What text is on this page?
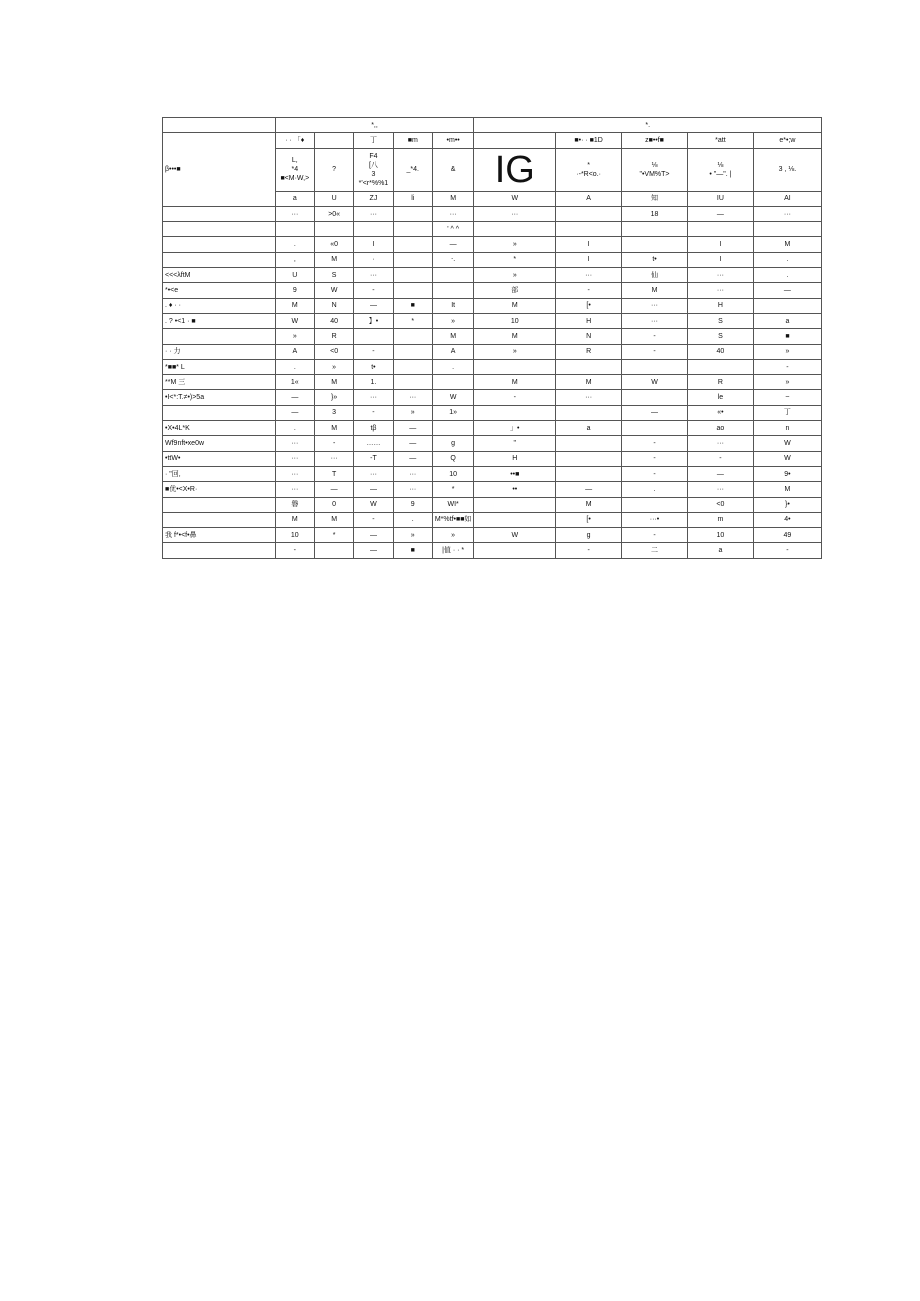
	*,,					*.				
β•••■	· · 「♦		丁	■m	•m••		■•· · ■1D	z■••f■	*att	e*•;w
	L,
*4
■<M·W,>	?	F4
[八
3
*'<r*%%1	_*4.	&	IG	*
·-*R<o.·	⅛
"•VM%T>	⅛
• "—". |	3 , ⅛.
	a	U	ZJ	li	M	W	A	知	IU	AI
	···	>0«	···		···	···		18	—	···
					' ^ ^					
	.	«0	I		—	»	I		I	M
	,	M	·		‧.	*	I	t•	I	.
<<<λftM	U	S	···			»	···	仙	···	.
*•<e	9	W	-			部	-	M	···	—
. ♦ · ·	M	N	—	■	It	M	[•	···	H	
. ? •<1 · ■	W	40	】•	*	»	10	H	···	S	a
	»	R			M	M	N	-	S	■
· · 力	A	<0	-		A	»	R	-	40	»
*■■* L	.	»	t•		.					-
**M 三	1«	M	1.			M	M	W	R	»
•I<*:T.≠•)>5a	—	}»	···	···	W	-	···		le	~
	—	3	-	»	1»			—	«•	丁
•X•4L*K	.	M	tβ	—		」•	a		ao	n
Wf9nft•xe0w	···	-	……	—	g	"		-	···	W
•ttW•	···	···	-T	—	Q	H		-	-	W
· "回,	···	T	···	···	10	••■		-	—	9•
■优•<X•R·	···	—	—	···	*	••	—	.	···	M
	磐	0	W	9	WI*		M		<0	}•
	M	M	-	.	M*%tf•■■如		[•	···•	m	4•
我 f*•<f•鼻	10	*	—	»	»	W	g	-	10	49
	-		—	■	|值 · · *		-	二	a	-
